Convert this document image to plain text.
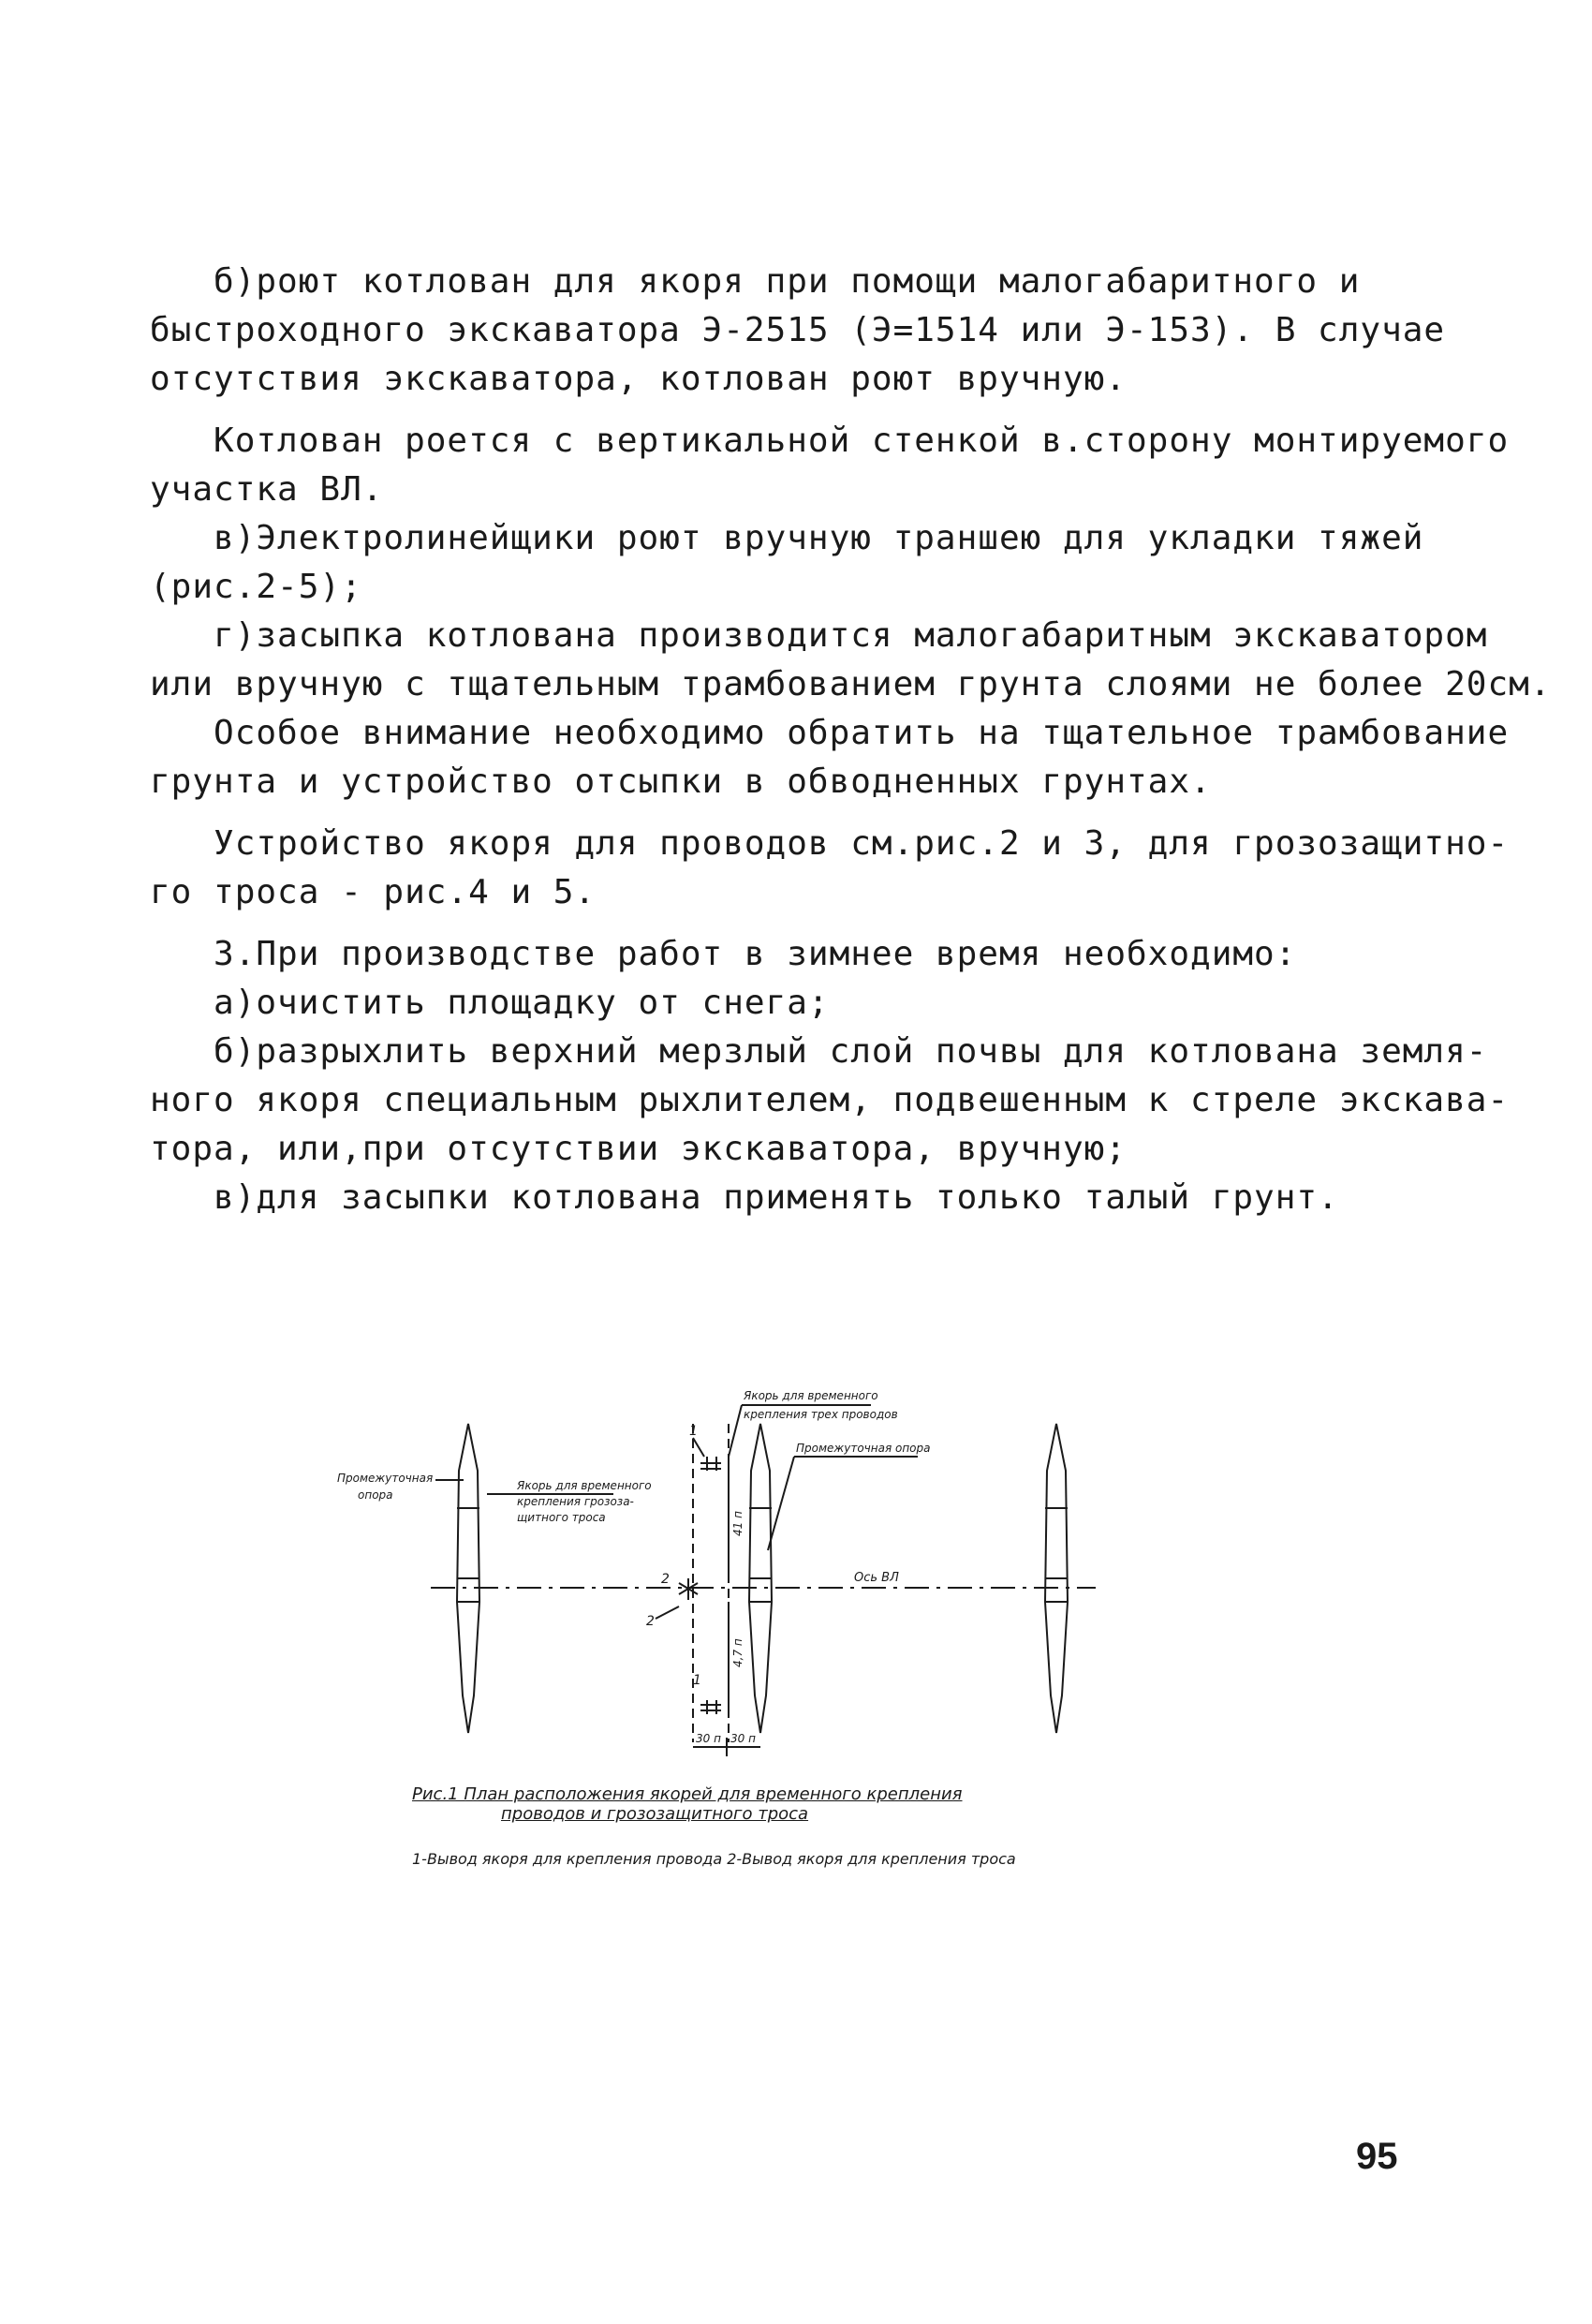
б)роют котлован для якоря при помощи малогабаритного и

быстроходного экскаватора Э-2515 (Э=1514 или Э-153). В случае

отсутствия экскаватора, котлован роют вручную.

Котлован роется с вертикальной стенкой в.сторону монтируемого

участка ВЛ.

в)Электролинейщики роют вручную траншею для укладки тяжей

(рис.2-5);

г)засыпка котлована производится малогабаритным экскаватором

или вручную с тщательным трамбованием грунта слоями не более 20см.

Особое внимание необходимо обратить на тщательное трамбование

грунта и устройство отсыпки в обводненных грунтах.

Устройство якоря для проводов см.рис.2 и 3, для грозозащитно-

го троса - рис.4 и 5.

3.При производстве работ в зимнее время необходимо:

а)очистить площадку от снега;

б)разрыхлить верхний мерзлый слой почвы для котлована земля-

ного якоря специальным рыхлителем, подвешенным к стреле экскава-

тора, или,при отсутствии экскаватора, вручную;

в)для засыпки котлована применять только талый грунт.

Якорь для временного
крепления трех проводов
Промежуточная опора
Промежуточная
опора
Якорь для временного
крепления грозоза-
щитного троса
Ось ВЛ
1
1
2
2
41 п
4,7 п
30 п 30 п
Рис.1 План расположения якорей для временного крепления
проводов и грозозащитного троса
1-Вывод якоря для крепления провода 2-Вывод якоря для крепления троса
95
